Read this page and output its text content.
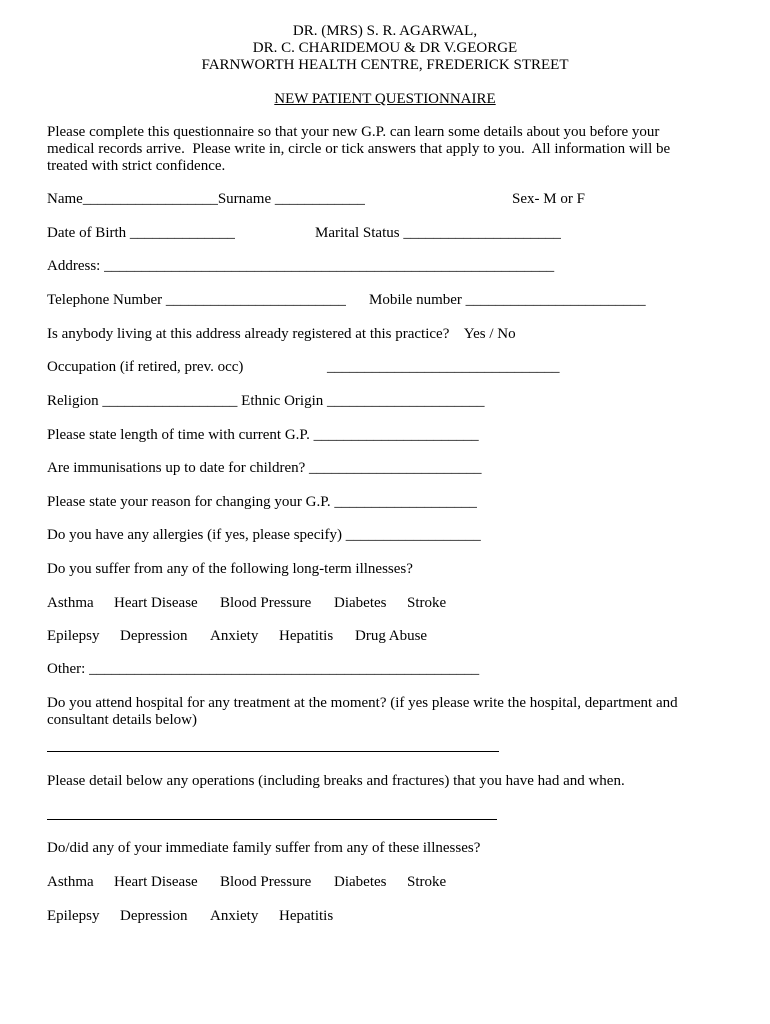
DR. (MRS) S. R. AGARWAL,
DR. C. CHARIDEMOU & DR V.GEORGE
FARNWORTH HEALTH CENTRE, FREDERICK STREET
NEW PATIENT QUESTIONNAIRE
Please complete this questionnaire so that your new G.P. can learn some details about you before your
medical records arrive.  Please write in, circle or tick answers that apply to you.  All information will be
treated with strict confidence.
Name__________________Surname ____________	Sex- M or F
Date of Birth ______________	Marital Status _____________________
Address: ____________________________________________________________
Telephone Number ________________________ Mobile number ________________________
Is anybody living at this address already registered at this practice?    Yes / No
Occupation (if retired, prev. occ)	_______________________________
Religion __________________ Ethnic Origin _____________________
Please state length of time with current G.P. ______________________
Are immunisations up to date for children? _______________________
Please state your reason for changing your G.P. ___________________
Do you have any allergies (if yes, please specify) __________________
Do you suffer from any of the following long-term illnesses?
Asthma Heart Disease Blood Pressure Diabetes Stroke
Epilepsy Depression Anxiety Hepatitis Drug Abuse
Other: ____________________________________________________
Do you attend hospital for any treatment at the moment? (if yes please write the hospital, department and
consultant details below)
Please detail below any operations (including breaks and fractures) that you have had and when.
Do/did any of your immediate family suffer from any of these illnesses?
Asthma Heart Disease Blood Pressure Diabetes Stroke
Epilepsy Depression Anxiety Hepatitis
